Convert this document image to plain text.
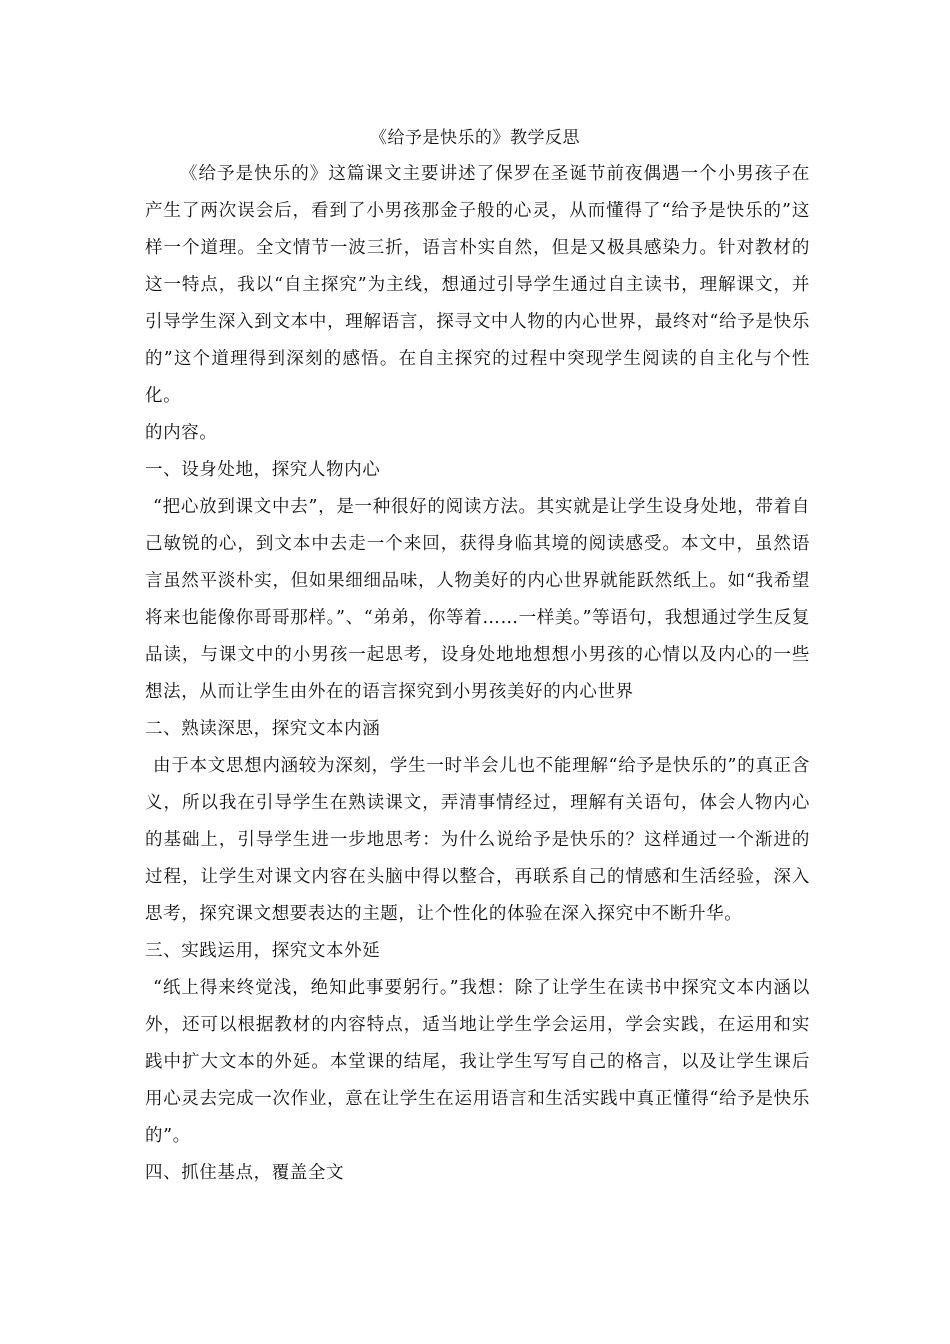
《给予是快乐的》教学反思

《给予是快乐的》这篇课文主要讲述了保罗在圣诞节前夜偶遇一个小男孩子在产生了两次误会后，看到了小男孩那金子般的心灵，从而懂得了“给予是快乐的”这样一个道理。全文情节一波三折，语言朴实自然，但是又极具感染力。针对教材的这一特点，我以“自主探究”为主线，想通过引导学生通过自主读书，理解课文，并引导学生深入到文本中，理解语言，探寻文中人物的内心世界，最终对“给予是快乐的”这个道理得到深刻的感悟。在自主探究的过程中突现学生阅读的自主化与个性化。

的内容。

一、设身处地，探究人物内心

“把心放到课文中去”，是一种很好的阅读方法。其实就是让学生设身处地，带着自己敏锐的心，到文本中去走一个来回，获得身临其境的阅读感受。本文中，虽然语言虽然平淡朴实，但如果细细品味，人物美好的内心世界就能跃然纸上。如“我希望将来也能像你哥哥那样。”、“弟弟，你等着……一样美。”等语句，我想通过学生反复品读，与课文中的小男孩一起思考，设身处地地想想小男孩的心情以及内心的一些想法，从而让学生由外在的语言探究到小男孩美好的内心世界

二、熟读深思，探究文本内涵

由于本文思想内涵较为深刻，学生一时半会儿也不能理解“给予是快乐的”的真正含义，所以我在引导学生在熟读课文，弄清事情经过，理解有关语句，体会人物内心的基础上，引导学生进一步地思考：为什么说给予是快乐的？这样通过一个渐进的过程，让学生对课文内容在头脑中得以整合，再联系自己的情感和生活经验，深入思考，探究课文想要表达的主题，让个性化的体验在深入探究中不断升华。

三、实践运用，探究文本外延

“纸上得来终觉浅，绝知此事要躬行。”我想：除了让学生在读书中探究文本内涵以外，还可以根据教材的内容特点，适当地让学生学会运用，学会实践，在运用和实践中扩大文本的外延。本堂课的结尾，我让学生写写自己的格言，以及让学生课后用心灵去完成一次作业，意在让学生在运用语言和生活实践中真正懂得“给予是快乐的”。

四、抓住基点，覆盖全文
